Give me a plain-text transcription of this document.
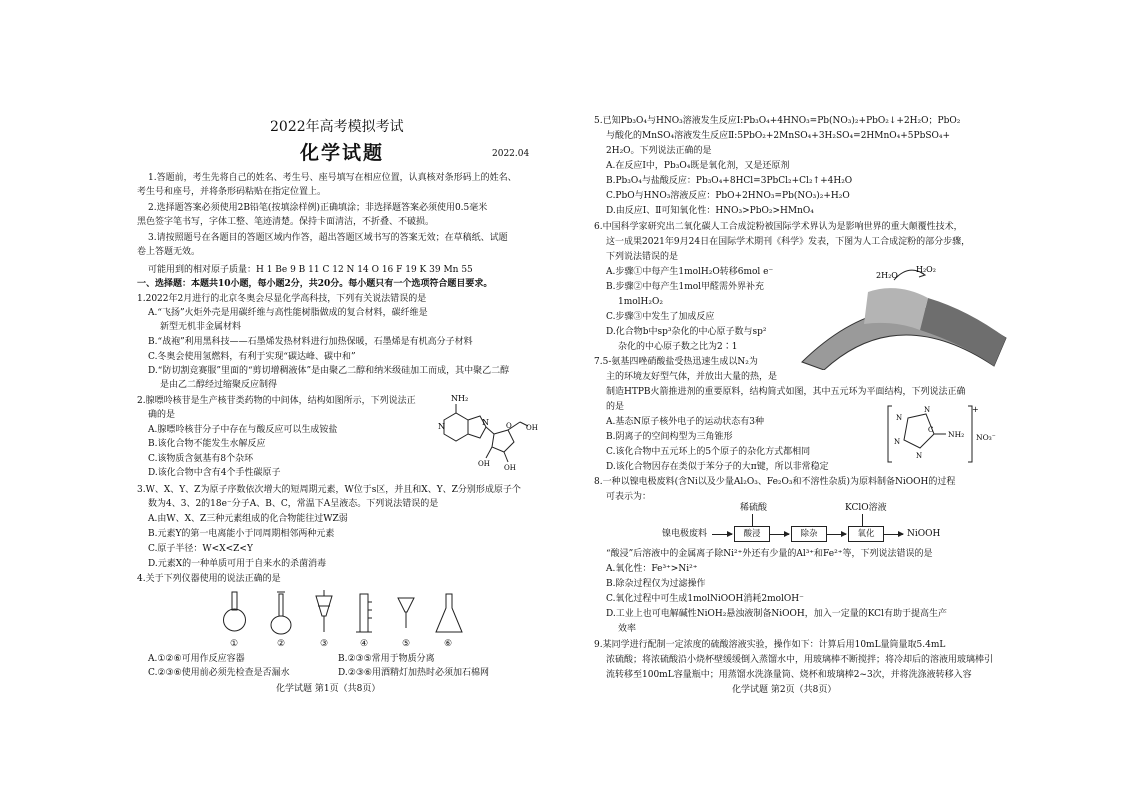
2022年高考模拟考试
化学试题	2022.04
1.答题前，考生先将自己的姓名、考生号、座号填写在相应位置，认真核对条形码上的姓名、
考生号和座号，并将条形码粘贴在指定位置上。
2.选择题答案必须使用2B铅笔(按填涂样例)正确填涂；非选择题答案必须使用0.5毫米
黑色签字笔书写，字体工整、笔迹清楚。保持卡面清洁，不折叠、不破损。
3.请按照题号在各题目的答题区域内作答，超出答题区域书写的答案无效；在草稿纸、试题
卷上答题无效。
可能用到的相对原子质量：H 1 Be 9 B 11 C 12 N 14 O 16 F 19 K 39 Mn 55
一、选择题：本题共10小题，每小题2分，共20分。每小题只有一个选项符合题目要求。
1.2022年2月进行的北京冬奥会尽显化学高科技，下列有关说法错误的是
A.“飞扬”火炬外壳是用碳纤维与高性能树脂做成的复合材料，碳纤维是
新型无机非金属材料
B.“战袍”利用黑科技——石墨烯发热材料进行加热保暖，石墨烯是有机高分子材料
C.冬奥会使用氢燃料，有利于实现“碳达峰、碳中和”
D.“防切割竞赛服”里面的“剪切增稠液体”是由聚乙二醇和纳米级硅加工而成，其中聚乙二醇
是由乙二醇经过缩聚反应制得
2.腺嘌呤核苷是生产核苷类药物的中间体，结构如图所示，下列说法正
确的是
A.腺嘌呤核苷分子中存在与酸反应可以生成铵盐
B.该化合物不能发生水解反应
C.该物质含氨基有8个杂环
D.该化合物中含有4个手性碳原子
NH₂
N	N O OH
OH
OH
3.W、X、Y、Z为原子序数依次增大的短周期元素，W位于s区，并且和X、Y、Z分别形成原子个
数为4、3、2的18e⁻分子A、B、C，常温下A呈液态。下列说法错误的是
A.由W、X、Z三种元素组成的化合物能往过WZ弱
B.元素Y的第一电离能小于同周期相邻两种元素
C.原子半径：W<X<Z<Y
D.元素X的一种单质可用于自来水的杀菌消毒
4.关于下列仪器使用的说法正确的是
①	②	③	④	⑤	⑥
A.①②⑥可用作反应容器	B.②③⑤常用于物质分离
C.②③⑥使用前必须先检查是否漏水	D.②③⑥用酒精灯加热时必须加石棉网
化学试题 第1页（共8页）
5.已知Pb₃O₄与HNO₃溶液发生反应Ⅰ:Pb₃O₄+4HNO₃=Pb(NO₃)₂+PbO₂↓+2H₂O；PbO₂
与酸化的MnSO₄溶液发生反应Ⅱ:5PbO₂+2MnSO₄+3H₂SO₄=2HMnO₄+5PbSO₄+
2H₂O。下列说法正确的是
A.在反应Ⅰ中，Pb₃O₄既是氧化剂，又是还原剂
B.Pb₃O₄与盐酸反应：Pb₃O₄+8HCl=3PbCl₂+Cl₂↑+4H₂O
C.PbO与HNO₃溶液反应：PbO+2HNO₃=Pb(NO₃)₂+H₂O
D.由反应Ⅰ、Ⅱ可知氧化性：HNO₃>PbO₂>HMnO₄
6.中国科学家研究出二氧化碳人工合成淀粉被国际学术界认为是影响世界的重大颠覆性技术，
这一成果2021年9月24日在国际学术期刊《科学》发表，下图为人工合成淀粉的部分步骤，
下列说法错误的是
A.步骤①中每产生1molH₂O转移6mol e⁻
B.步骤②中每产生1mol甲醛需外界补充
1molH₂O₂
C.步骤③中发生了加成反应
D.化合物b中sp³杂化的中心原子数与sp²
杂化的中心原子数之比为2∶1
2H₂O
H₂O₂
7.5-氨基四唑硝酸盐受热迅速生成以N₂为
主的环境友好型气体，并放出大量的热，是
制造HTPB火箭推进剂的重要原料，结构简式如图，其中五元环为平面结构，下列说法正确
的是
A.基态N原子核外电子的运动状态有3种
B.阴离子的空间构型为三角锥形
C.该化合物中五元环上的5个原子的杂化方式都相同
D.该化合物因存在类似于苯分子的大π键，所以非常稳定
+
NH₂ NO₃⁻
C
N
N
N
N
8.一种以镍电极废料(含Ni以及少量Al₂O₃、Fe₂O₃和不溶性杂质)为原料制备NiOOH的过程
可表示为：
稀硫酸	KClO溶液
镍电极废料	酸浸	除杂	氧化	NiOOH
“酸浸”后溶液中的金属离子除Ni²⁺外还有少量的Al³⁺和Fe²⁺等，下列说法错误的是
A.氧化性：Fe³⁺>Ni²⁺
B.除杂过程仅为过滤操作
C.氧化过程中可生成1molNiOOH消耗2molOH⁻
D.工业上也可电解碱性NiOH₂悬浊液制备NiOOH，加入一定量的KCl有助于提高生产
效率
9.某同学进行配制一定浓度的硫酸溶液实验，操作如下：计算后用10mL量筒量取5.4mL
浓硫酸；将浓硫酸沿小烧杯壁缓缓倒入蒸馏水中，用玻璃棒不断搅拌；将冷却后的溶液用玻璃棒引
流转移至100mL容量瓶中；用蒸馏水洗涤量筒、烧杯和玻璃棒2~3次，并将洗涤液转移入容
化学试题 第2页（共8页）
